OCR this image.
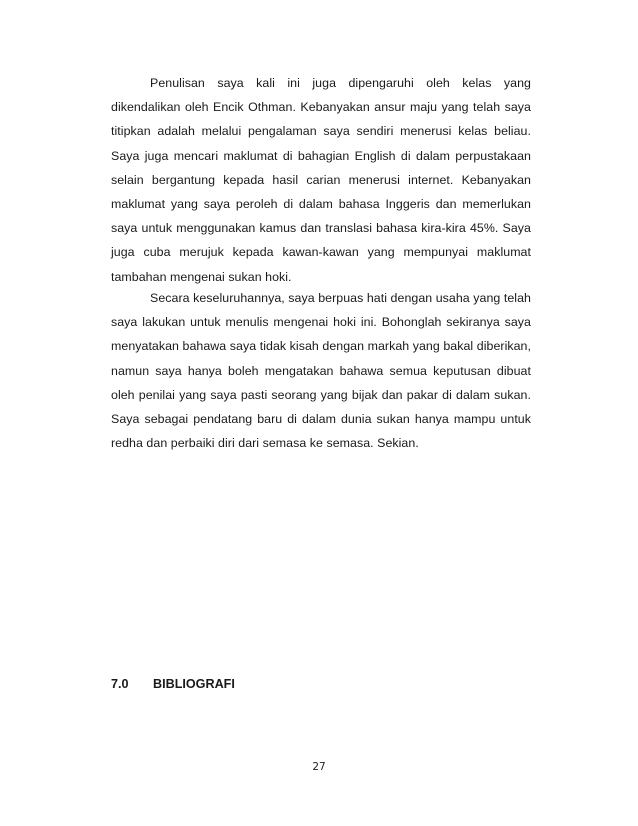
Penulisan saya kali ini juga dipengaruhi oleh kelas yang dikendalikan oleh Encik Othman. Kebanyakan ansur maju yang telah saya titipkan adalah melalui pengalaman saya sendiri menerusi kelas beliau. Saya juga mencari maklumat di bahagian English di dalam perpustakaan selain bergantung kepada hasil carian menerusi internet. Kebanyakan maklumat yang saya peroleh di dalam bahasa Inggeris dan memerlukan saya untuk menggunakan kamus dan translasi bahasa kira-kira 45%. Saya juga cuba merujuk kepada kawan-kawan yang mempunyai maklumat tambahan mengenai sukan hoki.

Secara keseluruhannya, saya berpuas hati dengan usaha yang telah saya lakukan untuk menulis mengenai hoki ini. Bohonglah sekiranya saya menyatakan bahawa saya tidak kisah dengan markah yang bakal diberikan, namun saya hanya boleh mengatakan bahawa semua keputusan dibuat oleh penilai yang saya pasti seorang yang bijak dan pakar di dalam sukan. Saya sebagai pendatang baru di dalam dunia sukan hanya mampu untuk redha dan perbaiki diri dari semasa ke semasa. Sekian.

7.0	BIBLIOGRAFI
27
